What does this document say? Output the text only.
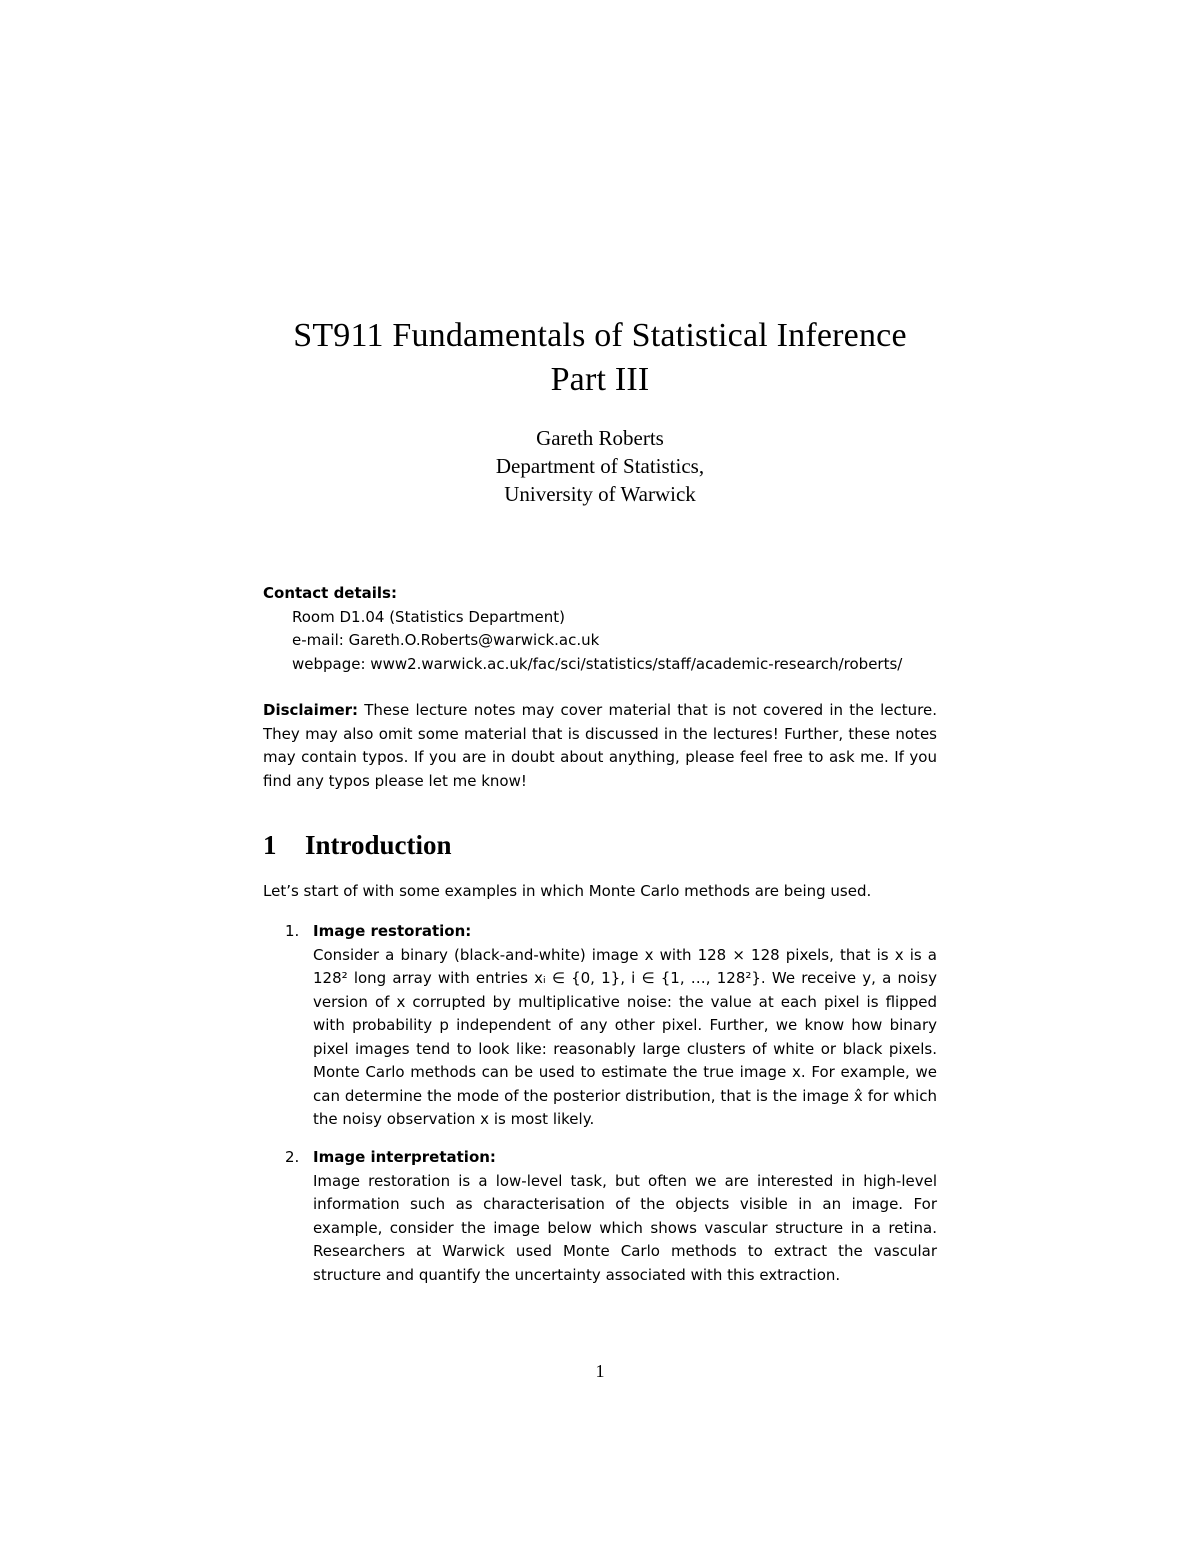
ST911 Fundamentals of Statistical Inference
Part III
Gareth Roberts
Department of Statistics,
University of Warwick
Contact details:
Room D1.04 (Statistics Department)
e-mail: Gareth.O.Roberts@warwick.ac.uk
webpage: www2.warwick.ac.uk/fac/sci/statistics/staff/academic-research/roberts/
Disclaimer: These lecture notes may cover material that is not covered in the lecture. They may also omit some material that is discussed in the lectures! Further, these notes may contain typos. If you are in doubt about anything, please feel free to ask me. If you find any typos please let me know!
1 Introduction
Let’s start of with some examples in which Monte Carlo methods are being used.
1. Image restoration:
Consider a binary (black-and-white) image x with 128 × 128 pixels, that is x is a 128² long array with entries xᵢ ∈ {0, 1}, i ∈ {1, …, 128²}. We receive y, a noisy version of x corrupted by multiplicative noise: the value at each pixel is flipped with probability p independent of any other pixel. Further, we know how binary pixel images tend to look like: reasonably large clusters of white or black pixels. Monte Carlo methods can be used to estimate the true image x. For example, we can determine the mode of the posterior distribution, that is the image x̂ for which the noisy observation x is most likely.
2. Image interpretation:
Image restoration is a low-level task, but often we are interested in high-level information such as characterisation of the objects visible in an image. For example, consider the image below which shows vascular structure in a retina. Researchers at Warwick used Monte Carlo methods to extract the vascular structure and quantify the uncertainty associated with this extraction.
1
